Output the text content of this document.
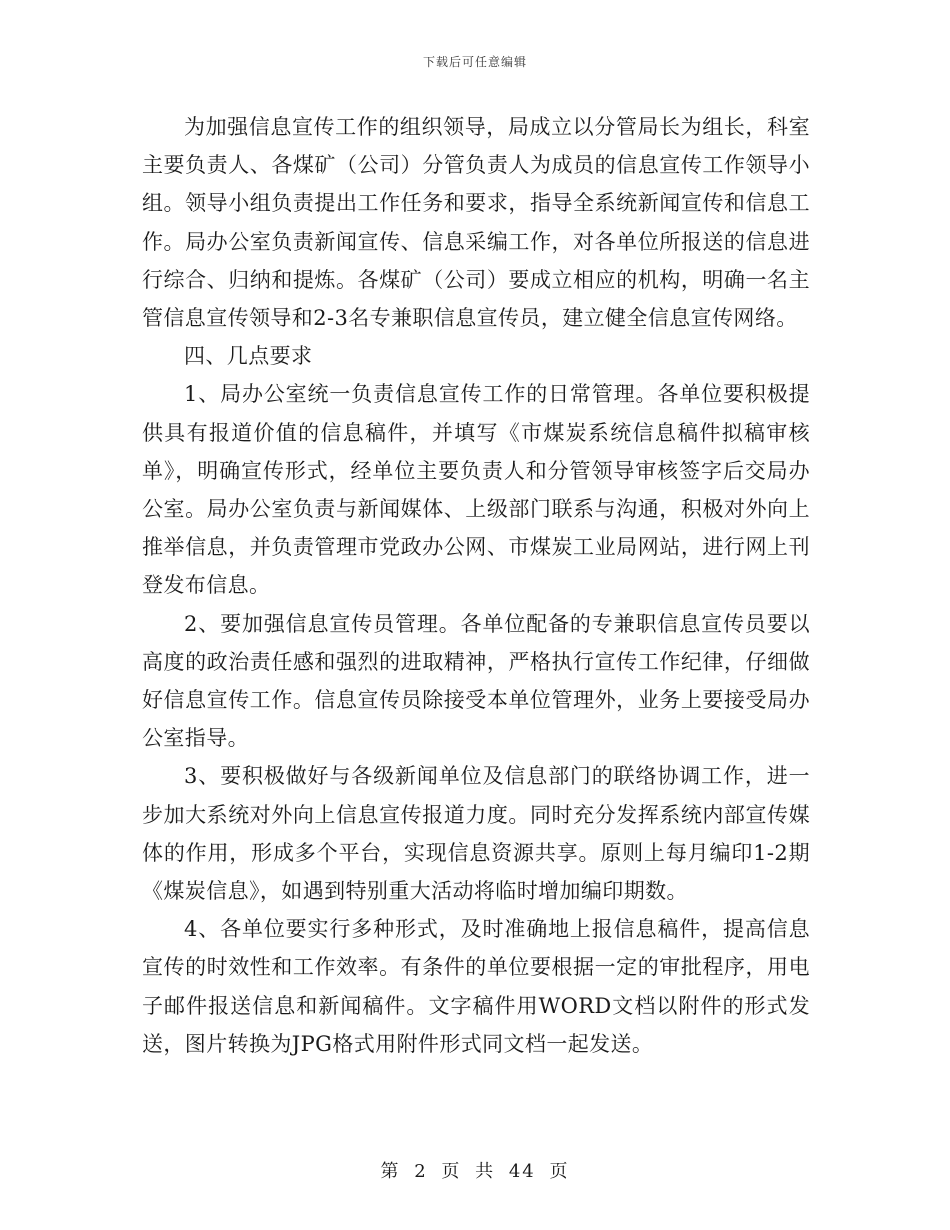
下载后可任意编辑

为加强信息宣传工作的组织领导，局成立以分管局长为组长，科室主要负责人、各煤矿（公司）分管负责人为成员的信息宣传工作领导小组。领导小组负责提出工作任务和要求，指导全系统新闻宣传和信息工作。局办公室负责新闻宣传、信息采编工作，对各单位所报送的信息进行综合、归纳和提炼。各煤矿（公司）要成立相应的机构，明确一名主管信息宣传领导和2-3名专兼职信息宣传员，建立健全信息宣传网络。

四、几点要求

1、局办公室统一负责信息宣传工作的日常管理。各单位要积极提供具有报道价值的信息稿件，并填写《市煤炭系统信息稿件拟稿审核单》，明确宣传形式，经单位主要负责人和分管领导审核签字后交局办公室。局办公室负责与新闻媒体、上级部门联系与沟通，积极对外向上推举信息，并负责管理市党政办公网、市煤炭工业局网站，进行网上刊登发布信息。

2、要加强信息宣传员管理。各单位配备的专兼职信息宣传员要以高度的政治责任感和强烈的进取精神，严格执行宣传工作纪律，仔细做好信息宣传工作。信息宣传员除接受本单位管理外，业务上要接受局办公室指导。

3、要积极做好与各级新闻单位及信息部门的联络协调工作，进一步加大系统对外向上信息宣传报道力度。同时充分发挥系统内部宣传媒体的作用，形成多个平台，实现信息资源共享。原则上每月编印1-2期《煤炭信息》，如遇到特别重大活动将临时增加编印期数。

4、各单位要实行多种形式，及时准确地上报信息稿件，提高信息宣传的时效性和工作效率。有条件的单位要根据一定的审批程序，用电子邮件报送信息和新闻稿件。文字稿件用WORD文档以附件的形式发送，图片转换为JPG格式用附件形式同文档一起发送。

第 2 页 共 44 页
